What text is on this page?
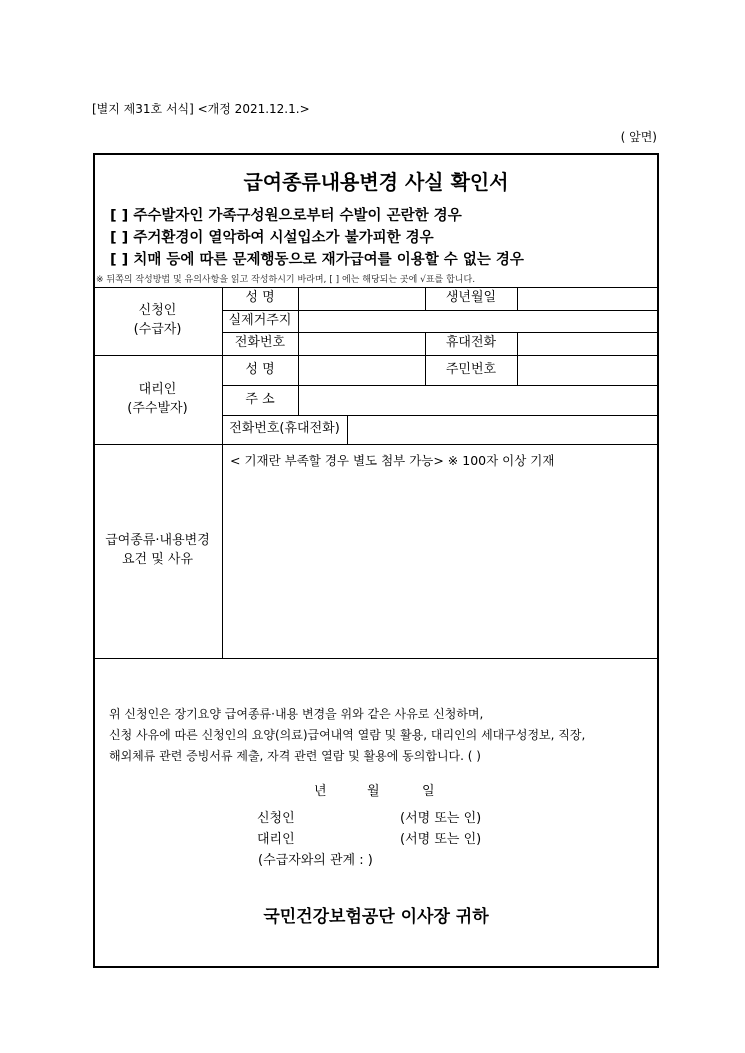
[별지 제31호 서식] <개정 2021.12.1.>
( 앞면)
급여종류내용변경 사실 확인서
[ ] 주수발자인 가족구성원으로부터 수발이 곤란한 경우
[ ] 주거환경이 열악하여 시설입소가 불가피한 경우
[ ] 치매 등에 따른 문제행동으로 재가급여를 이용할 수 없는 경우
※ 뒤쪽의 작성방법 및 유의사항을 읽고 작성하시기 바라며, [ ] 에는 해당되는 곳에 √표를 합니다.
신청인
(수급자)
성 명	생년월일
실제거주지
전화번호	휴대전화
대리인
(주수발자)
성 명	주민번호
주 소
전화번호(휴대전화)
급여종류·내용변경
요건 및 사유
< 기재란 부족할 경우 별도 첨부 가능> ※ 100자 이상 기재
위 신청인은 장기요양 급여종류·내용 변경을 위와 같은 사유로 신청하며,
신청 사유에 따른 신청인의 요양(의료)급여내역 열람 및 활용, 대리인의 세대구성정보, 직장,
해외체류 관련 증빙서류 제출, 자격 관련 열람 및 활용에 동의합니다. ( )
년	월	일
신청인	(서명 또는 인)
대리인	(서명 또는 인)
(수급자와의 관계 : )
국민건강보험공단 이사장 귀하
